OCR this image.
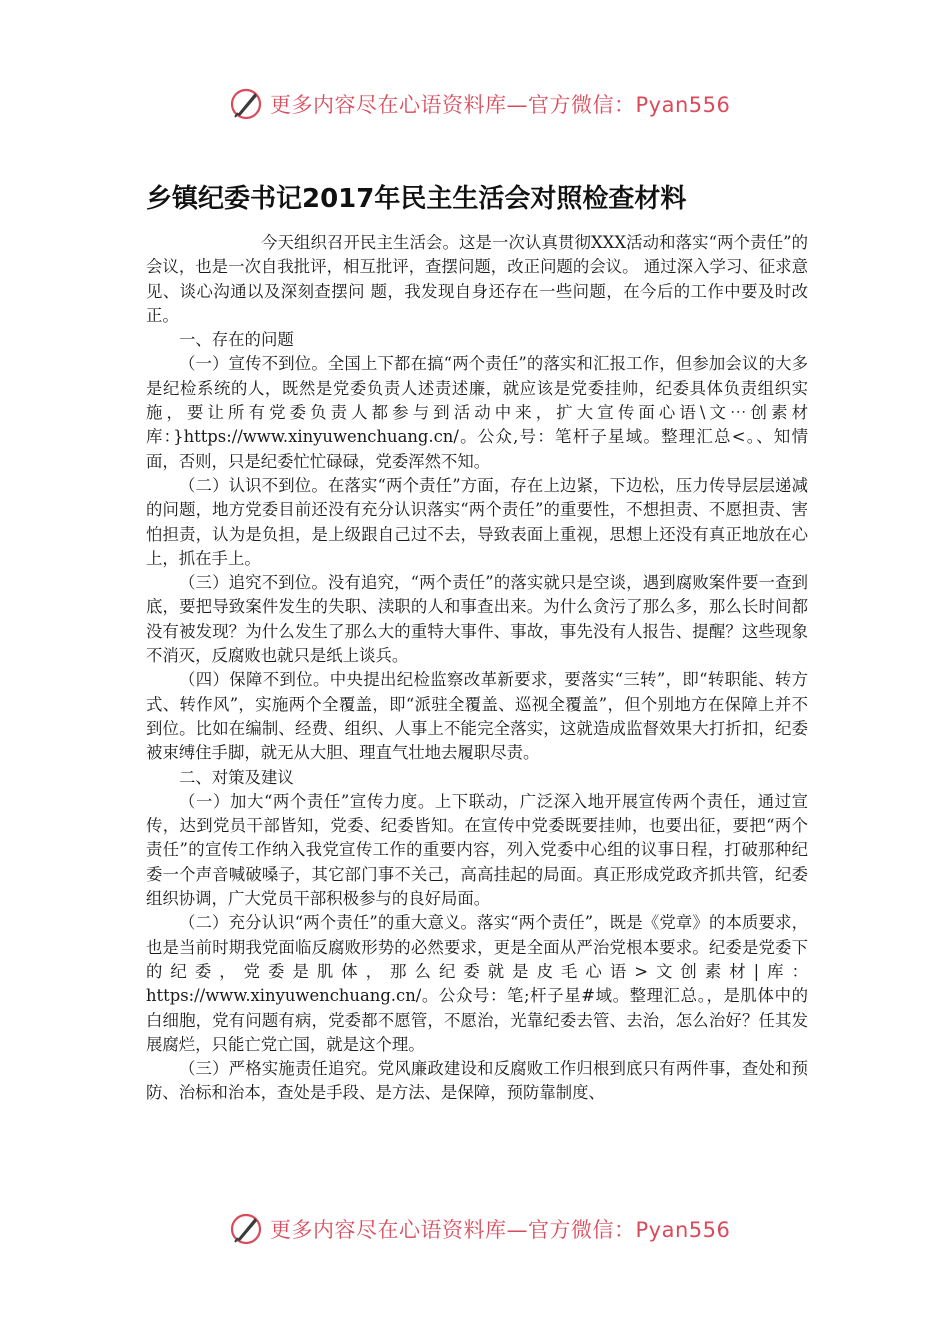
更多内容尽在心语资料库—官方微信：Pyan556
乡镇纪委书记2017年民主生活会对照检查材料

今天组织召开民主生活会。这是一次认真贯彻XXX活动和落实“两个责任”的会议，也是一次自我批评，相互批评，查摆问题，改正问题的会议。 通过深入学习、征求意见、谈心沟通以及深刻查摆问 题，我发现自身还存在一些问题，在今后的工作中要及时改正。

一、存在的问题

（一）宣传不到位。全国上下都在搞“两个责任”的落实和汇报工作，但参加会议的大多是纪检系统的人，既然是党委负责人述责述廉，就应该是党委挂帅，纪委具体负责组织实施，要让所有党委负责人都参与到活动中来，扩大宣传面心语\文⋯创素材库：}https://www.xinyuwenchuang.cn/。公众,号：笔杆子星域。整理汇总<。、知情面，否则，只是纪委忙忙碌碌，党委浑然不知。

（二）认识不到位。在落实“两个责任”方面，存在上边紧，下边松，压力传导层层递减的问题，地方党委目前还没有充分认识落实“两个责任”的重要性，不想担责、不愿担责、害怕担责，认为是负担，是上级跟自己过不去，导致表面上重视，思想上还没有真正地放在心上，抓在手上。

（三）追究不到位。没有追究，“两个责任”的落实就只是空谈，遇到腐败案件要一查到底，要把导致案件发生的失职、渎职的人和事查出来。为什么贪污了那么多，那么长时间都没有被发现？为什么发生了那么大的重特大事件、事故，事先没有人报告、提醒？这些现象不消灭，反腐败也就只是纸上谈兵。

（四）保障不到位。中央提出纪检监察改革新要求，要落实“三转”，即“转职能、转方式、转作风”，实施两个全覆盖，即“派驻全覆盖、巡视全覆盖”，但个别地方在保障上并不到位。比如在编制、经费、组织、人事上不能完全落实，这就造成监督效果大打折扣，纪委被束缚住手脚，就无从大胆、理直气壮地去履职尽责。

二、对策及建议

（一）加大“两个责任”宣传力度。上下联动，广泛深入地开展宣传两个责任，通过宣传，达到党员干部皆知，党委、纪委皆知。在宣传中党委既要挂帅，也要出征，要把“两个责任”的宣传工作纳入我党宣传工作的重要内容，列入党委中心组的议事日程，打破那种纪委一个声音喊破嗓子，其它部门事不关己，高高挂起的局面。真正形成党政齐抓共管，纪委组织协调，广大党员干部积极参与的良好局面。

（二）充分认识“两个责任”的重大意义。落实“两个责任”，既是《党章》的本质要求，也是当前时期我党面临反腐败形势的必然要求，更是全面从严治党根本要求。纪委是党委下的纪委，党委是肌体，那么纪委就是皮毛心语>文创素材|库：https://www.xinyuwenchuang.cn/。公众号：笔;杆子星#域。整理汇总。，是肌体中的白细胞，党有问题有病，党委都不愿管，不愿治，光靠纪委去管、去治，怎么治好？任其发展腐烂，只能亡党亡国，就是这个理。

（三）严格实施责任追究。党风廉政建设和反腐败工作归根到底只有两件事，查处和预防、治标和治本，查处是手段、是方法、是保障，预防靠制度、

更多内容尽在心语资料库—官方微信：Pyan556
